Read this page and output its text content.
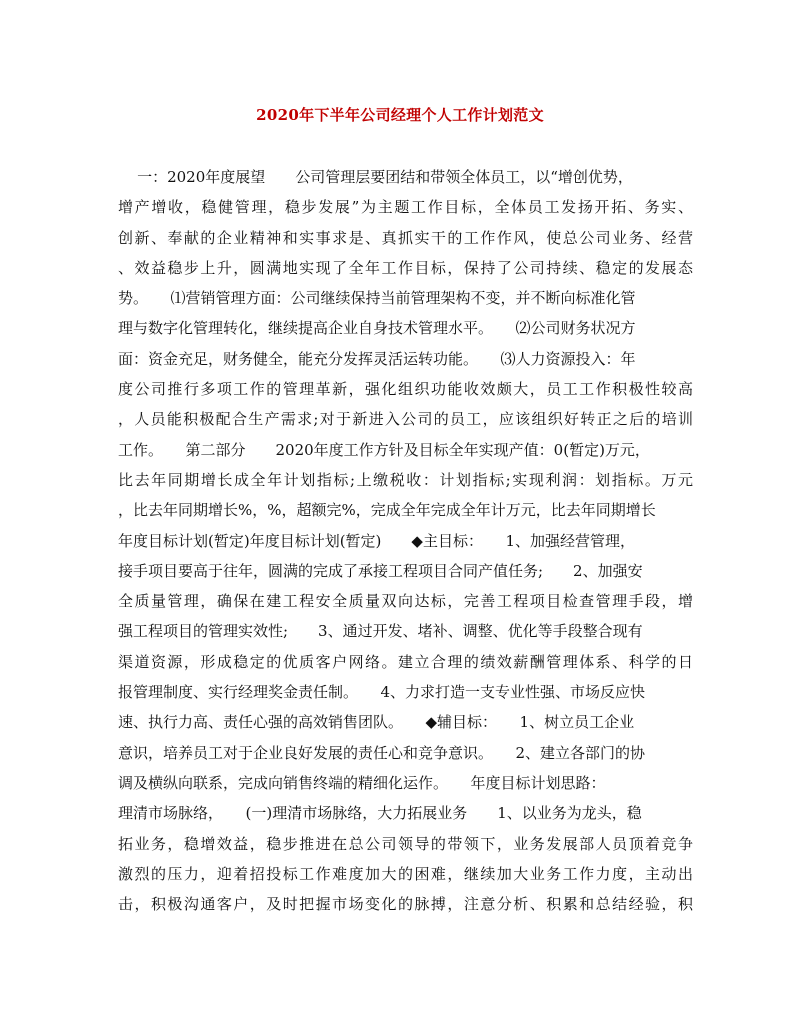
2020年下半年公司经理个人工作计划范文
一：2020年度展望　　公司管理层要团结和带领全体员工，以“增创优势，
增产增收，稳健管理，稳步发展”为主题工作目标，全体员工发扬开拓、务实、
创新、奉献的企业精神和实事求是、真抓实干的工作作风，使总公司业务、经营
、效益稳步上升，圆满地实现了全年工作目标，保持了公司持续、稳定的发展态
势。　　⑴营销管理方面：公司继续保持当前管理架构不变，并不断向标准化管
理与数字化管理转化，继续提高企业自身技术管理水平。　　⑵公司财务状况方
面：资金充足，财务健全，能充分发挥灵活运转功能。　　⑶人力资源投入：年
度公司推行多项工作的管理革新，强化组织功能收效颇大，员工工作积极性较高
，人员能积极配合生产需求;对于新进入公司的员工，应该组织好转正之后的培训
工作。　　第二部分　　2020年度工作方针及目标全年实现产值：0(暂定)万元，
比去年同期增长成全年计划指标;上缴税收：计划指标;实现利润：划指标。万元
，比去年同期增长%，%，超额完%，完成全年完成全年计万元，比去年同期增长
年度目标计划(暂定)年度目标计划(暂定)　　◆主目标：　　1、加强经营管理，
接手项目要高于往年，圆满的完成了承接工程项目合同产值任务;　　2、加强安
全质量管理，确保在建工程安全质量双向达标，完善工程项目检查管理手段，增
强工程项目的管理实效性;　　3、通过开发、堵补、调整、优化等手段整合现有
渠道资源，形成稳定的优质客户网络。建立合理的绩效薪酬管理体系、科学的日
报管理制度、实行经理奖金责任制。　　4、力求打造一支专业性强、市场反应快
速、执行力高、责任心强的高效销售团队。　　◆辅目标：　　1、树立员工企业
意识，培养员工对于企业良好发展的责任心和竞争意识。　　2、建立各部门的协
调及横纵向联系，完成向销售终端的精细化运作。　　年度目标计划思路：
理清市场脉络，　　(一)理清市场脉络，大力拓展业务　　1、以业务为龙头，稳
拓业务，稳增效益，稳步推进在总公司领导的带领下，业务发展部人员顶着竞争
激烈的压力，迎着招投标工作难度加大的困难，继续加大业务工作力度，主动出
击，积极沟通客户，及时把握市场变化的脉搏，注意分析、积累和总结经验，积
